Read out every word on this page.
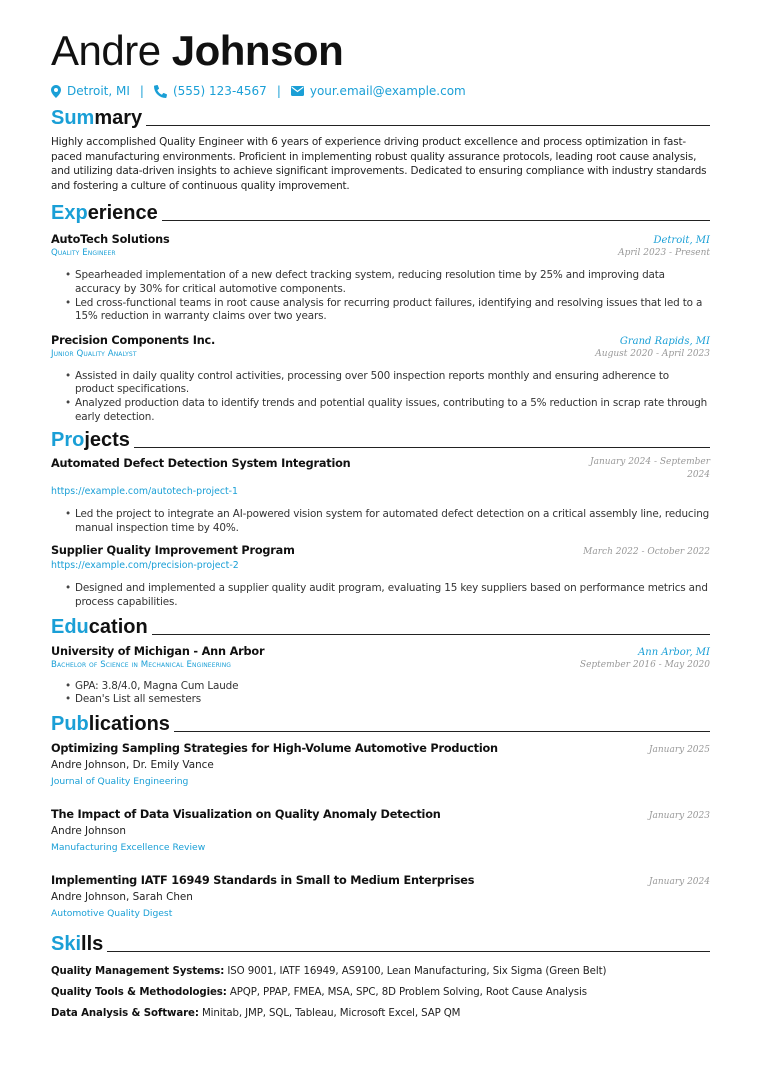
Andre Johnson
Detroit, MI | (555) 123-4567 | your.email@example.com
Sum mary

Highly accomplished Quality Engineer with 6 years of experience driving product excellence and process optimization in fast-paced manufacturing environments. Proficient in implementing robust quality assurance protocols, leading root cause analysis, and utilizing data-driven insights to achieve significant improvements. Dedicated to ensuring compliance with industry standards and fostering a culture of continuous quality improvement.

Exp erience
AutoTech Solutions	Detroit, MI
Quality Engineer	April 2023 - Present
• Spearheaded implementation of a new defect tracking system, reducing resolution time by 25% and improving data accuracy by 30% for critical automotive components.
• Led cross-functional teams in root cause analysis for recurring product failures, identifying and resolving issues that led to a 15% reduction in warranty claims over two years.
Precision Components Inc.	Grand Rapids, MI
Junior Quality Analyst	August 2020 - April 2023
• Assisted in daily quality control activities, processing over 500 inspection reports monthly and ensuring adherence to product specifications.
• Analyzed production data to identify trends and potential quality issues, contributing to a 5% reduction in scrap rate through early detection.
Pro jects
Automated Defect Detection System Integration	January 2024 - September 2024
https://example.com/autotech-project-1
• Led the project to integrate an AI-powered vision system for automated defect detection on a critical assembly line, reducing manual inspection time by 40%.
Supplier Quality Improvement Program	March 2022 - October 2022
https://example.com/precision-project-2
• Designed and implemented a supplier quality audit program, evaluating 15 key suppliers based on performance metrics and process capabilities.
Edu cation
University of Michigan - Ann Arbor	Ann Arbor, MI
Bachelor of Science in Mechanical Engineering	September 2016 - May 2020
• GPA: 3.8/4.0, Magna Cum Laude
• Dean's List all semesters
Pub lications
Optimizing Sampling Strategies for High-Volume Automotive Production	January 2025
Andre Johnson, Dr. Emily Vance
Journal of Quality Engineering
The Impact of Data Visualization on Quality Anomaly Detection	January 2023
Andre Johnson
Manufacturing Excellence Review
Implementing IATF 16949 Standards in Small to Medium Enterprises	January 2024
Andre Johnson, Sarah Chen
Automotive Quality Digest
Ski lls
Quality Management Systems: ISO 9001, IATF 16949, AS9100, Lean Manufacturing, Six Sigma (Green Belt)
Quality Tools & Methodologies: APQP, PPAP, FMEA, MSA, SPC, 8D Problem Solving, Root Cause Analysis
Data Analysis & Software: Minitab, JMP, SQL, Tableau, Microsoft Excel, SAP QM
